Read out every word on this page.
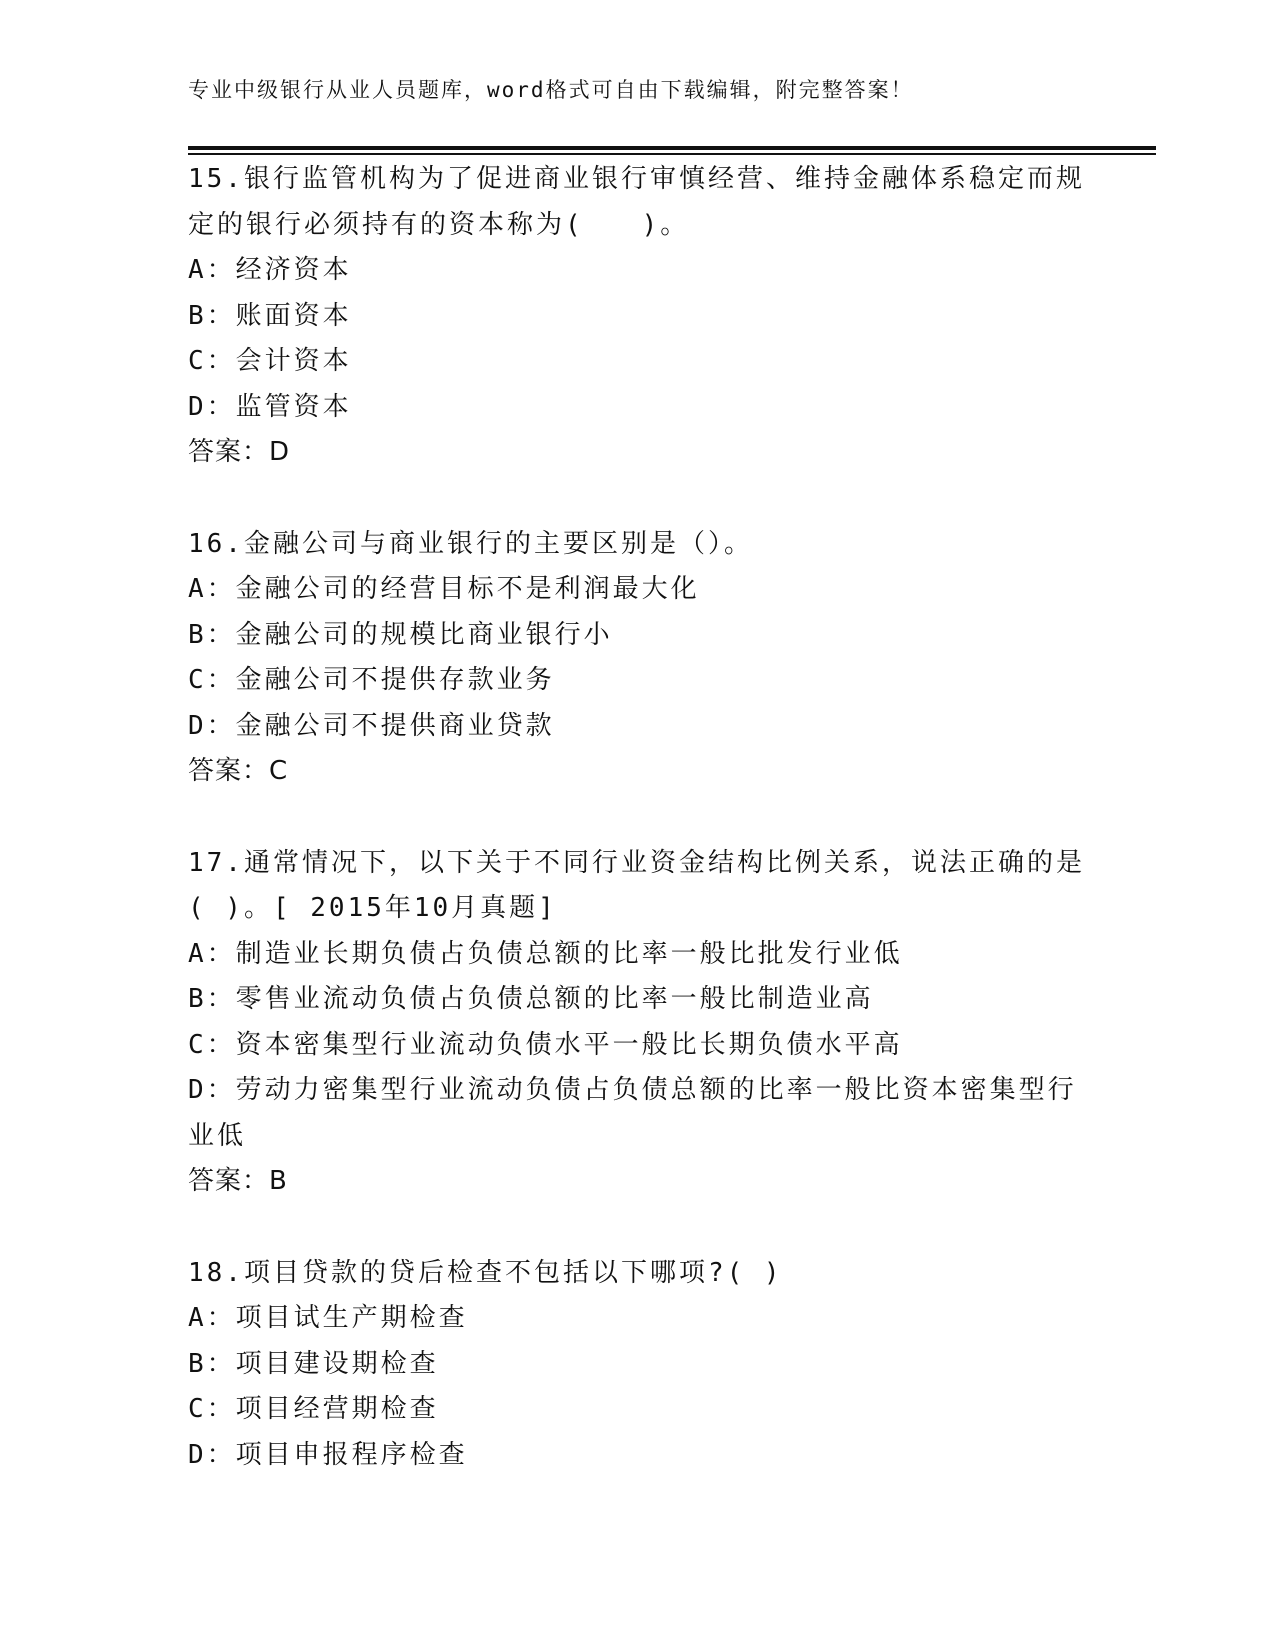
专业中级银行从业人员题库，word格式可自由下载编辑，附完整答案！
15.银行监管机构为了促进商业银行审慎经营、维持金融体系稳定而规
定的银行必须持有的资本称为(　　)。
A：经济资本
B：账面资本
C：会计资本
D：监管资本
答案：D
16.金融公司与商业银行的主要区别是（）。
A：金融公司的经营目标不是利润最大化
B：金融公司的规模比商业银行小
C：金融公司不提供存款业务
D：金融公司不提供商业贷款
答案：C
17.通常情况下，以下关于不同行业资金结构比例关系，说法正确的是
( )。[ 2015年10月真题]
A：制造业长期负债占负债总额的比率一般比批发行业低
B：零售业流动负债占负债总额的比率一般比制造业高
C：资本密集型行业流动负债水平一般比长期负债水平高
D：劳动力密集型行业流动负债占负债总额的比率一般比资本密集型行
业低
答案：B
18.项目贷款的贷后检查不包括以下哪项?( )
A：项目试生产期检查
B：项目建设期检查
C：项目经营期检查
D：项目申报程序检查
